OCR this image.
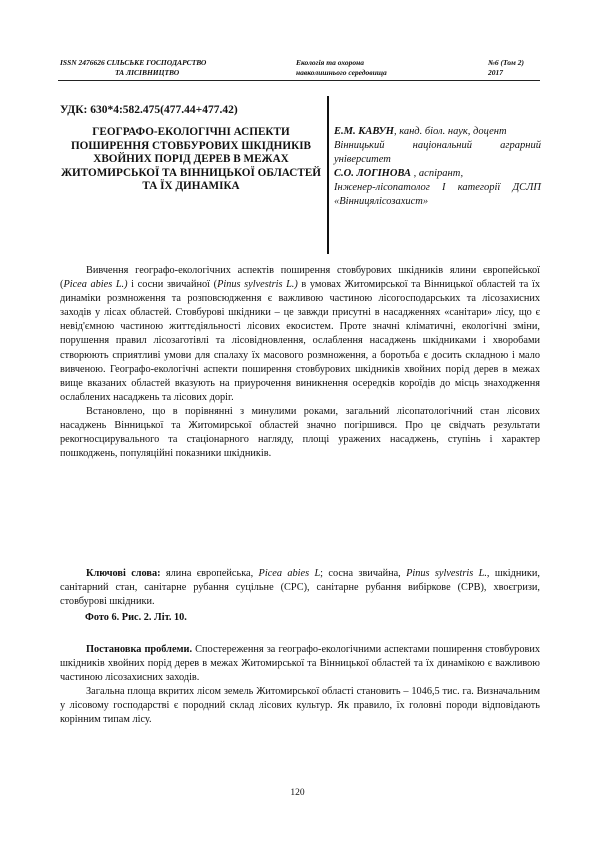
ISSN 2476626 СІЛЬСЬКЕ ГОСПОДАРСТВО
ТА ЛІСІВНИЦТВО
Екологія та охорона
навколишнього середовища
№6 (Том 2)
2017
УДК: 630*4:582.475(477.44+477.42)
ГЕОГРАФО-ЕКОЛОГІЧНІ АСПЕКТИ ПОШИРЕННЯ СТОВБУРОВИХ ШКІДНИКІВ ХВОЙНИХ ПОРІД ДЕРЕВ В МЕЖАХ ЖИТОМИРСЬКОЇ ТА ВІННИЦЬКОЇ ОБЛАСТЕЙ ТА ЇХ ДИНАМІКА
Е.М. КАВУН, канд. біол. наук, доцент
Вінницький національний аграрний університет
С.О. ЛОГІНОВА , аспірант,
Інженер-лісопатолог І категорії ДСЛП «Вінницялісозахист»

Вивчення географо-екологічних аспектів поширення стовбурових шкідників ялини європейської (Picea abies L.) і сосни звичайної (Pinus sylvestris L.) в умовах Житомирської та Вінницької областей та їх динаміки розмноження та розповсюдження є важливою частиною лісогосподарських та лісозахисних заходів у лісах областей. Стовбурові шкідники – це завжди присутні в насадженнях «санітари» лісу, що є невід'ємною частиною життєдіяльності лісових екосистем. Проте значні кліматичні, екологічні зміни, порушення правил лісозаготівлі та лісовідновлення, ослаблення насаджень шкідниками і хворобами створюють сприятливі умови для спалаху їх масового розмноження, а боротьба є досить складною і мало вивченою. Географо-екологічні аспекти поширення стовбурових шкідників хвойних порід дерев в межах вище вказаних областей вказують на приурочення виникнення осередків короїдів до місць знаходження ослаблених насаджень та лісових доріг.

Встановлено, що в порівнянні з минулими роками, загальний лісопатологічний стан лісових насаджень Вінницької та Житомирської областей значно погіршився. Про це свідчать результати рекогносцирувального та стаціонарного нагляду, площі уражених насаджень, ступінь і характер пошкоджень, популяційні показники шкідників.

Ключові слова: ялина європейська, Picea abies L; сосна звичайна, Pinus sylvestris L., шкідники, санітарний стан, санітарне рубання суцільне (СРС), санітарне рубання вибіркове (СРВ), хвоєгризи, стовбурові шкідники.

Фото 6. Рис. 2. Літ. 10.

Постановка проблеми. Спостереження за географо-екологічними аспектами поширення стовбурових шкідників хвойних порід дерев в межах Житомирської та Вінницької областей та їх динамікою є важливою частиною лісозахисних заходів.

Загальна площа вкритих лісом земель Житомирської області становить – 1046,5 тис. га. Визначальним у лісовому господарстві є породний склад лісових культур. Як правило, їх головні породи відповідають корінним типам лісу.

120
